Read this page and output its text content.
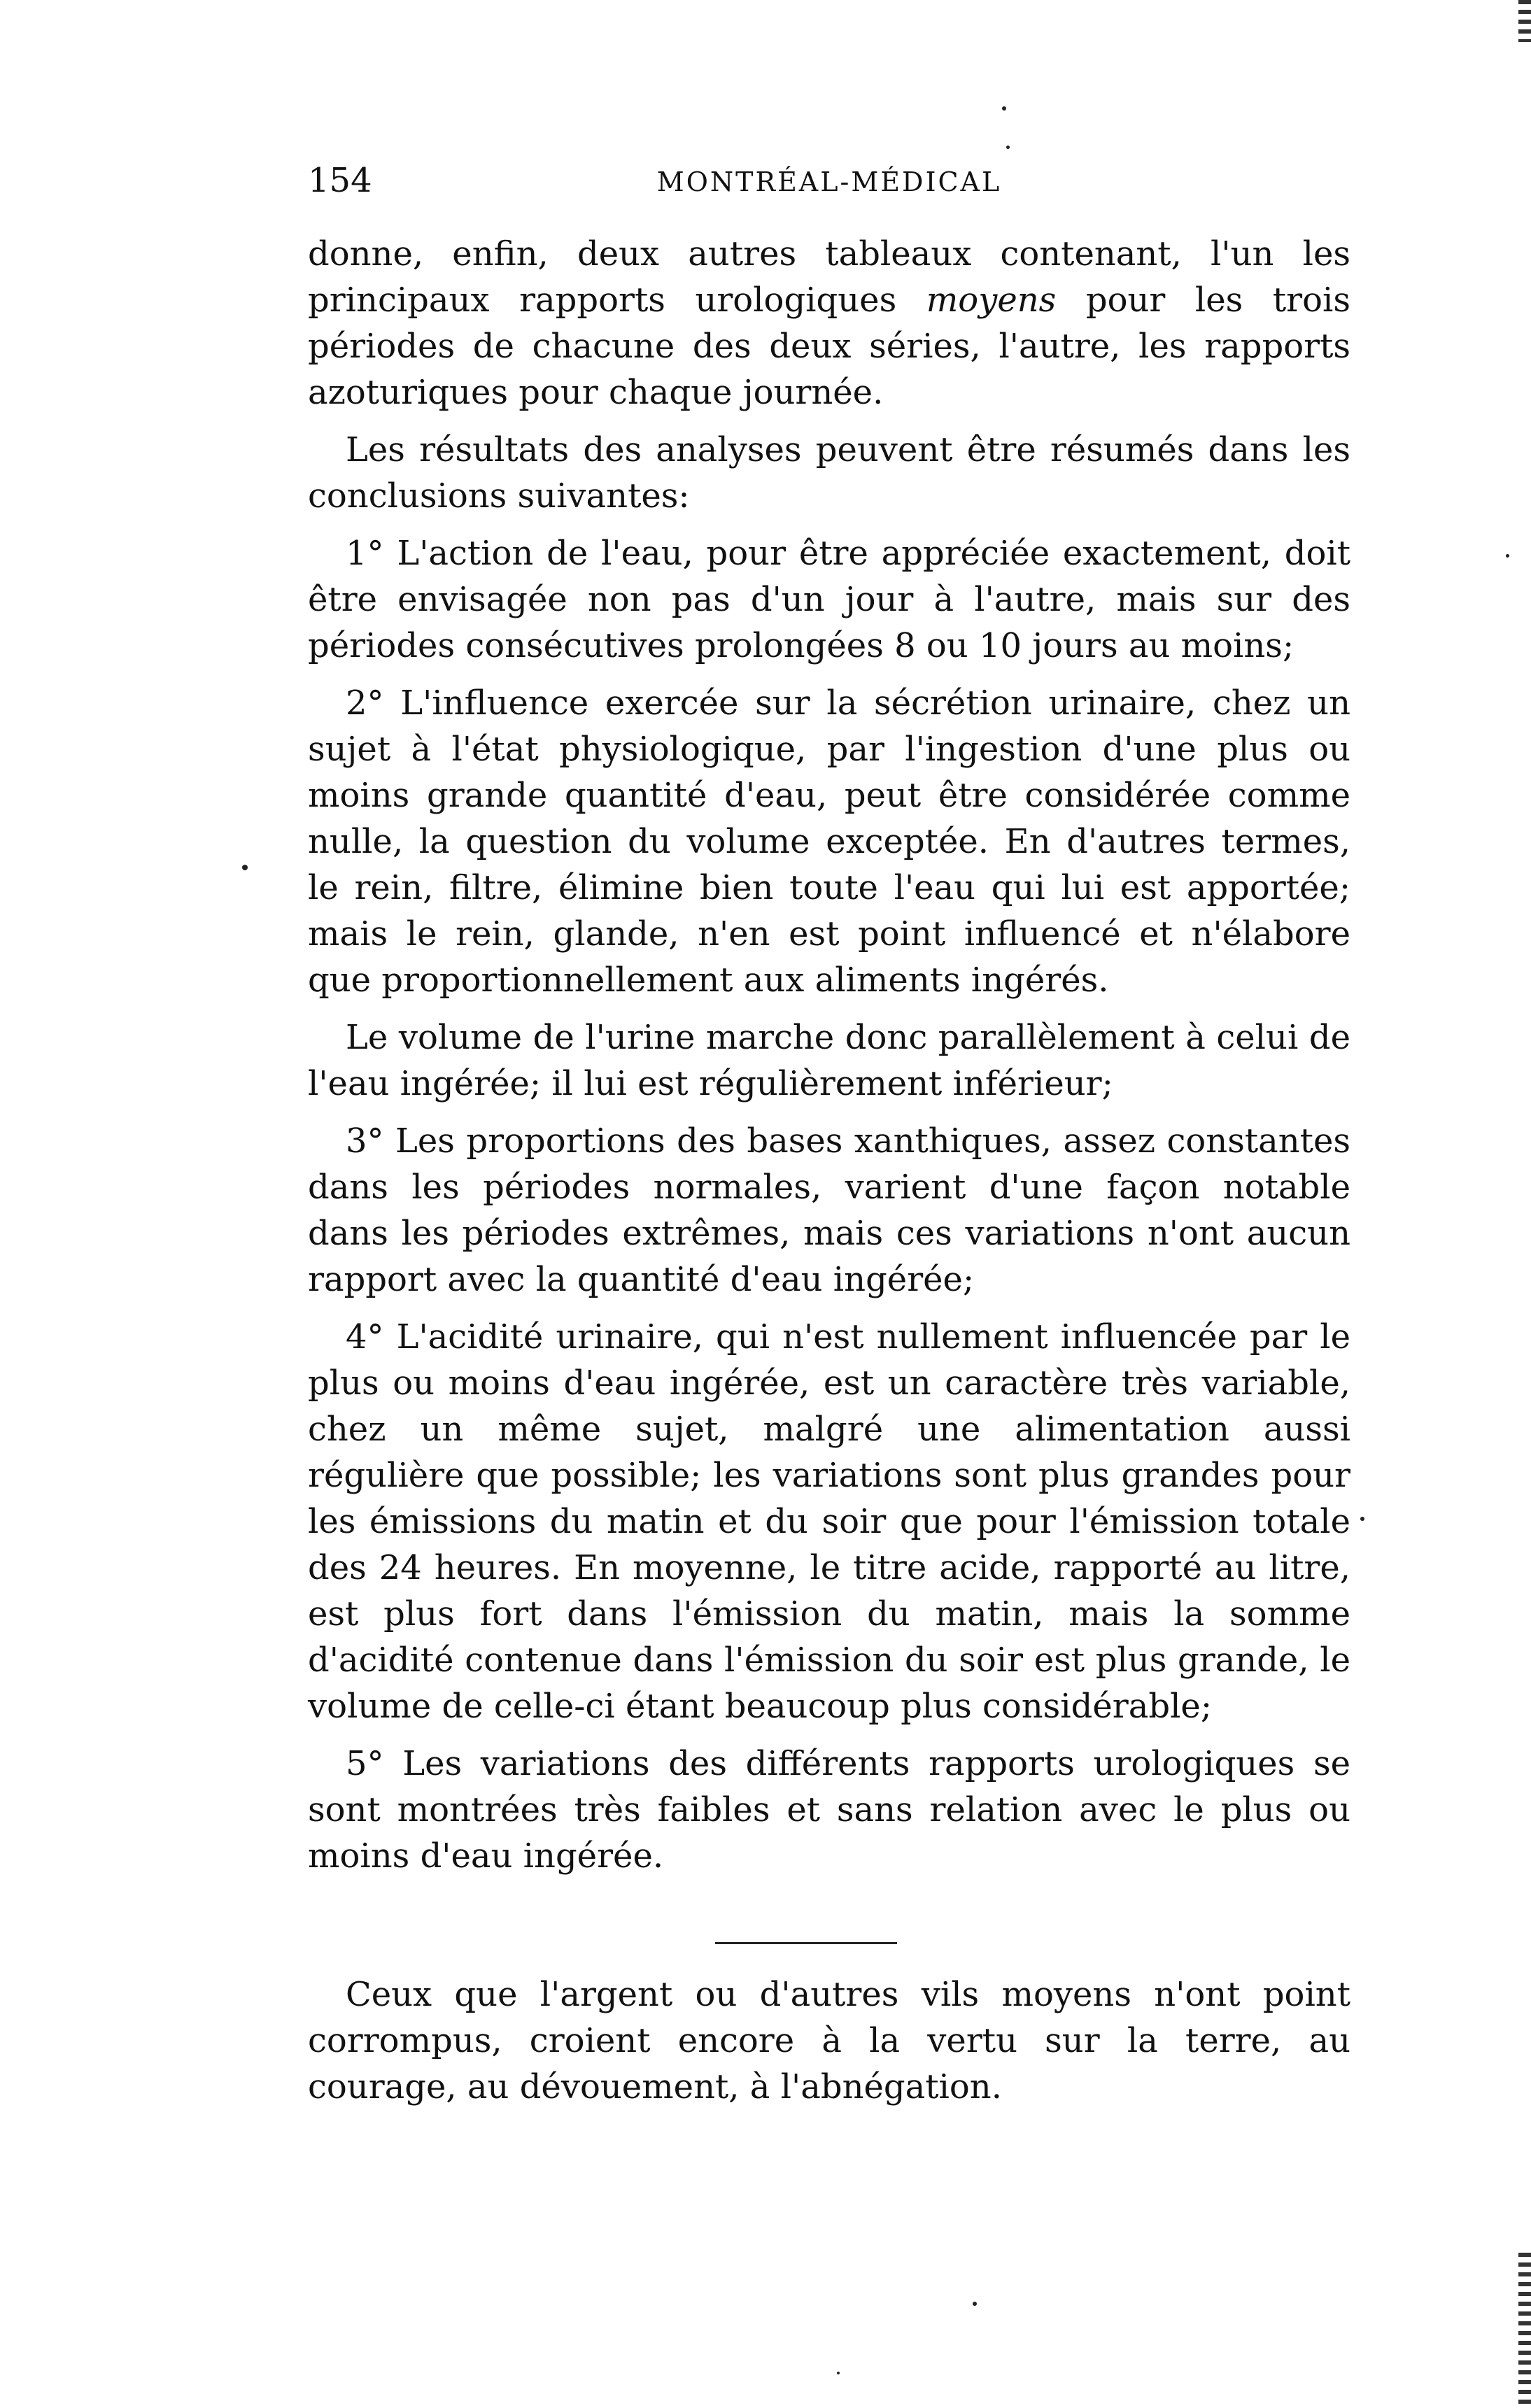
154	MONTRÉAL-MÉDICAL

donne, enfin, deux autres tableaux contenant, l'un les principaux rapports urologiques moyens pour les trois périodes de chacune des deux séries, l'autre, les rapports azoturiques pour chaque journée.

Les résultats des analyses peuvent être résumés dans les conclusions suivantes:

1° L'action de l'eau, pour être appréciée exactement, doit être envisagée non pas d'un jour à l'autre, mais sur des périodes consécutives prolongées 8 ou 10 jours au moins;

2° L'influence exercée sur la sécrétion urinaire, chez un sujet à l'état physiologique, par l'ingestion d'une plus ou moins grande quantité d'eau, peut être considérée comme nulle, la question du volume exceptée. En d'autres termes, le rein, filtre, élimine bien toute l'eau qui lui est apportée; mais le rein, glande, n'en est point influencé et n'élabore que proportionnellement aux aliments ingérés.

Le volume de l'urine marche donc parallèlement à celui de l'eau ingérée; il lui est régulièrement inférieur;

3° Les proportions des bases xanthiques, assez constantes dans les périodes normales, varient d'une façon notable dans les périodes extrêmes, mais ces variations n'ont aucun rapport avec la quantité d'eau ingérée;

4° L'acidité urinaire, qui n'est nullement influencée par le plus ou moins d'eau ingérée, est un caractère très variable, chez un même sujet, malgré une alimentation aussi régulière que possible; les variations sont plus grandes pour les émissions du matin et du soir que pour l'émission totale des 24 heures. En moyenne, le titre acide, rapporté au litre, est plus fort dans l'émission du matin, mais la somme d'acidité contenue dans l'émission du soir est plus grande, le volume de celle-ci étant beaucoup plus considérable;

5° Les variations des différents rapports urologiques se sont montrées très faibles et sans relation avec le plus ou moins d'eau ingérée.

Ceux que l'argent ou d'autres vils moyens n'ont point corrompus, croient encore à la vertu sur la terre, au courage, au dévouement, à l'abnégation.
